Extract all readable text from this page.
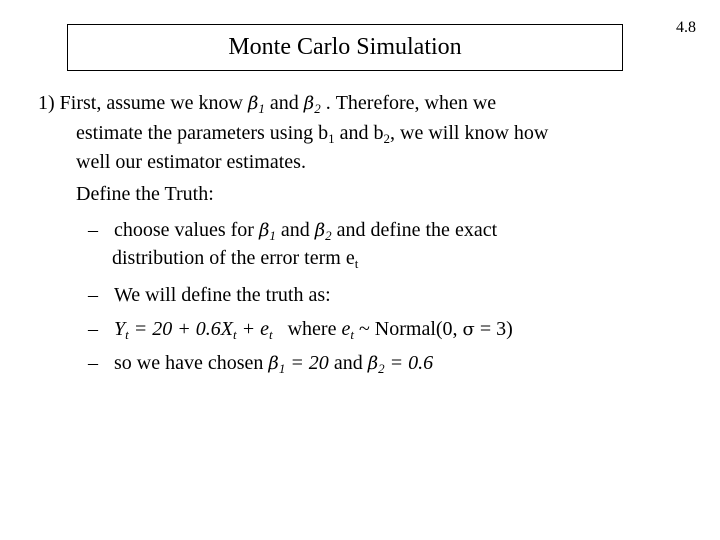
Monte Carlo Simulation
4.8
1) First, assume we know $\beta_1$ and $\beta_2$ . Therefore, when we
estimate the parameters using $b_1$ and $b_2$, we will know how
well our estimator estimates.
Define the Truth:
– choose values for $\beta_1$ and $\beta_2$ and define the exact
distribution of the error term $e_t$
– We will define the truth as:
– $Y_t = 20 + 0.6X_t + e_t$   where $e_t$ ~ Normal(0, σ = 3)
– so we have chosen $\beta_1 = 20$ and $\beta_2 = 0.6$
